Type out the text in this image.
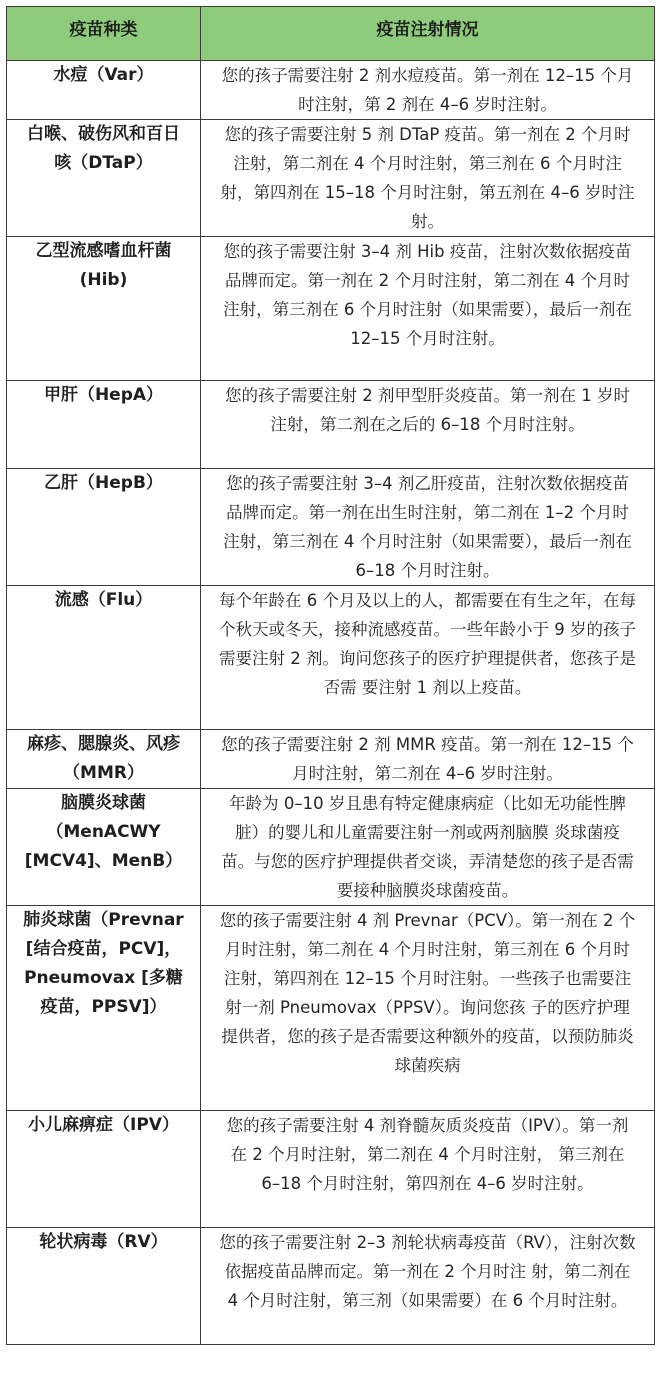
疫苗种类	疫苗注射情况
水痘（Var）	您的孩子需要注射 2 剂水痘疫苗。第一剂在 12–15 个月时注射，第 2 剂在 4–6 岁时注射。
白喉、破伤风和百日咳（DTaP）	您的孩子需要注射 5 剂 DTaP 疫苗。第一剂在 2 个月时注射，第二剂在 4 个月时注射，第三剂在 6 个月时注射，第四剂在 15–18 个月时注射，第五剂在 4–6 岁时注射。
乙型流感嗜血杆菌 (Hib)	您的孩子需要注射 3–4 剂 Hib 疫苗，注射次数依据疫苗品牌而定。第一剂在 2 个月时注射，第二剂在 4 个月时注射，第三剂在 6 个月时注射（如果需要），最后一剂在 12–15 个月时注射。
甲肝（HepA）	您的孩子需要注射 2 剂甲型肝炎疫苗。第一剂在 1 岁时注射，第二剂在之后的 6–18 个月时注射。
乙肝（HepB）	您的孩子需要注射 3–4 剂乙肝疫苗，注射次数依据疫苗品牌而定。第一剂在出生时注射，第二剂在 1–2 个月时注射，第三剂在 4 个月时注射（如果需要），最后一剂在 6–18 个月时注射。
流感（Flu）	每个年龄在 6 个月及以上的人，都需要在有生之年，在每个秋天或冬天，接种流感疫苗。一些年龄小于 9 岁的孩子需要注射 2 剂。询问您孩子的医疗护理提供者，您孩子是否需 要注射 1 剂以上疫苗。
麻疹、腮腺炎、风疹（MMR）	您的孩子需要注射 2 剂 MMR 疫苗。第一剂在 12–15 个月时注射，第二剂在 4–6 岁时注射。
脑膜炎球菌（MenACWY [MCV4]、MenB）	年龄为 0–10 岁且患有特定健康病症（比如无功能性脾脏）的婴儿和儿童需要注射一剂或两剂脑膜 炎球菌疫苗。与您的医疗护理提供者交谈，弄清楚您的孩子是否需要接种脑膜炎球菌疫苗。
肺炎球菌（Prevnar [结合疫苗，PCV]，Pneumovax [多糖疫苗，PPSV]）	您的孩子需要注射 4 剂 Prevnar（PCV）。第一剂在 2 个月时注射，第二剂在 4 个月时注射，第三剂在 6 个月时注射，第四剂在 12–15 个月时注射。一些孩子也需要注射一剂 Pneumovax（PPSV）。询问您孩 子的医疗护理提供者，您的孩子是否需要这种额外的疫苗，以预防肺炎球菌疾病
小儿麻痹症（IPV）	您的孩子需要注射 4 剂脊髓灰质炎疫苗（IPV）。第一剂在 2 个月时注射，第二剂在 4 个月时注射， 第三剂在 6–18 个月时注射，第四剂在 4–6 岁时注射。
轮状病毒（RV）	您的孩子需要注射 2–3 剂轮状病毒疫苗（RV），注射次数依据疫苗品牌而定。第一剂在 2 个月时注 射，第二剂在 4 个月时注射，第三剂（如果需要）在 6 个月时注射。
